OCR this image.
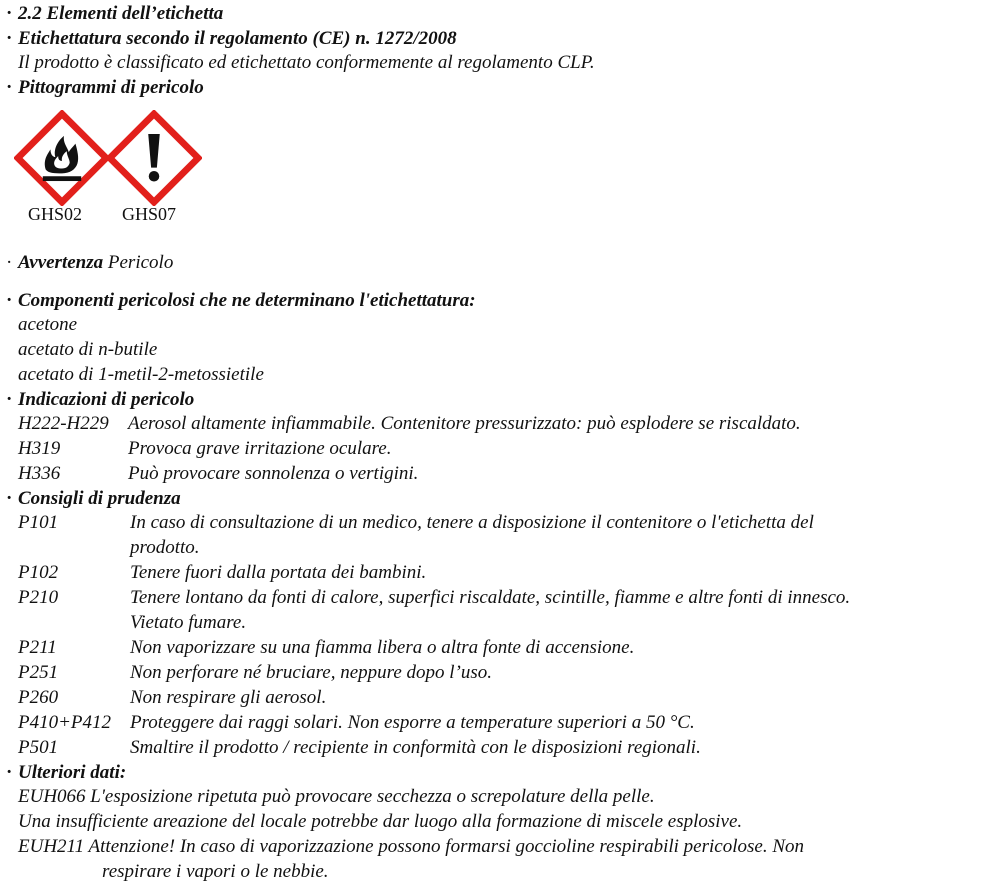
· 2.2 Elementi dell’etichetta
· Etichettatura secondo il regolamento (CE) n. 1272/2008
Il prodotto è classificato ed etichettato conformemente al regolamento CLP.
· Pittogrammi di pericolo
GHS02 GHS07
· Avvertenza Pericolo
· Componenti pericolosi che ne determinano l'etichettatura:
acetone
acetato di n-butile
acetato di 1-metil-2-metossietile
· Indicazioni di pericolo
H222-H229 Aerosol altamente infiammabile. Contenitore pressurizzato: può esplodere se riscaldato.
H319	Provoca grave irritazione oculare.
H336	Può provocare sonnolenza o vertigini.
· Consigli di prudenza
P101	In caso di consultazione di un medico, tenere a disposizione il contenitore o l'etichetta del
prodotto.
P102	Tenere fuori dalla portata dei bambini.
P210	Tenere lontano da fonti di calore, superfici riscaldate, scintille, fiamme e altre fonti di innesco.
Vietato fumare.
P211	Non vaporizzare su una fiamma libera o altra fonte di accensione.
P251	Non perforare né bruciare, neppure dopo l’uso.
P260	Non respirare gli aerosol.
P410+P412 Proteggere dai raggi solari. Non esporre a temperature superiori a 50 °C.
P501	Smaltire il prodotto / recipiente in conformità con le disposizioni regionali.
· Ulteriori dati:
EUH066 L'esposizione ripetuta può provocare secchezza o screpolature della pelle.
Una insufficiente areazione del locale potrebbe dar luogo alla formazione di miscele esplosive.
EUH211 Attenzione! In caso di vaporizzazione possono formarsi goccioline respirabili pericolose. Non
respirare i vapori o le nebbie.
